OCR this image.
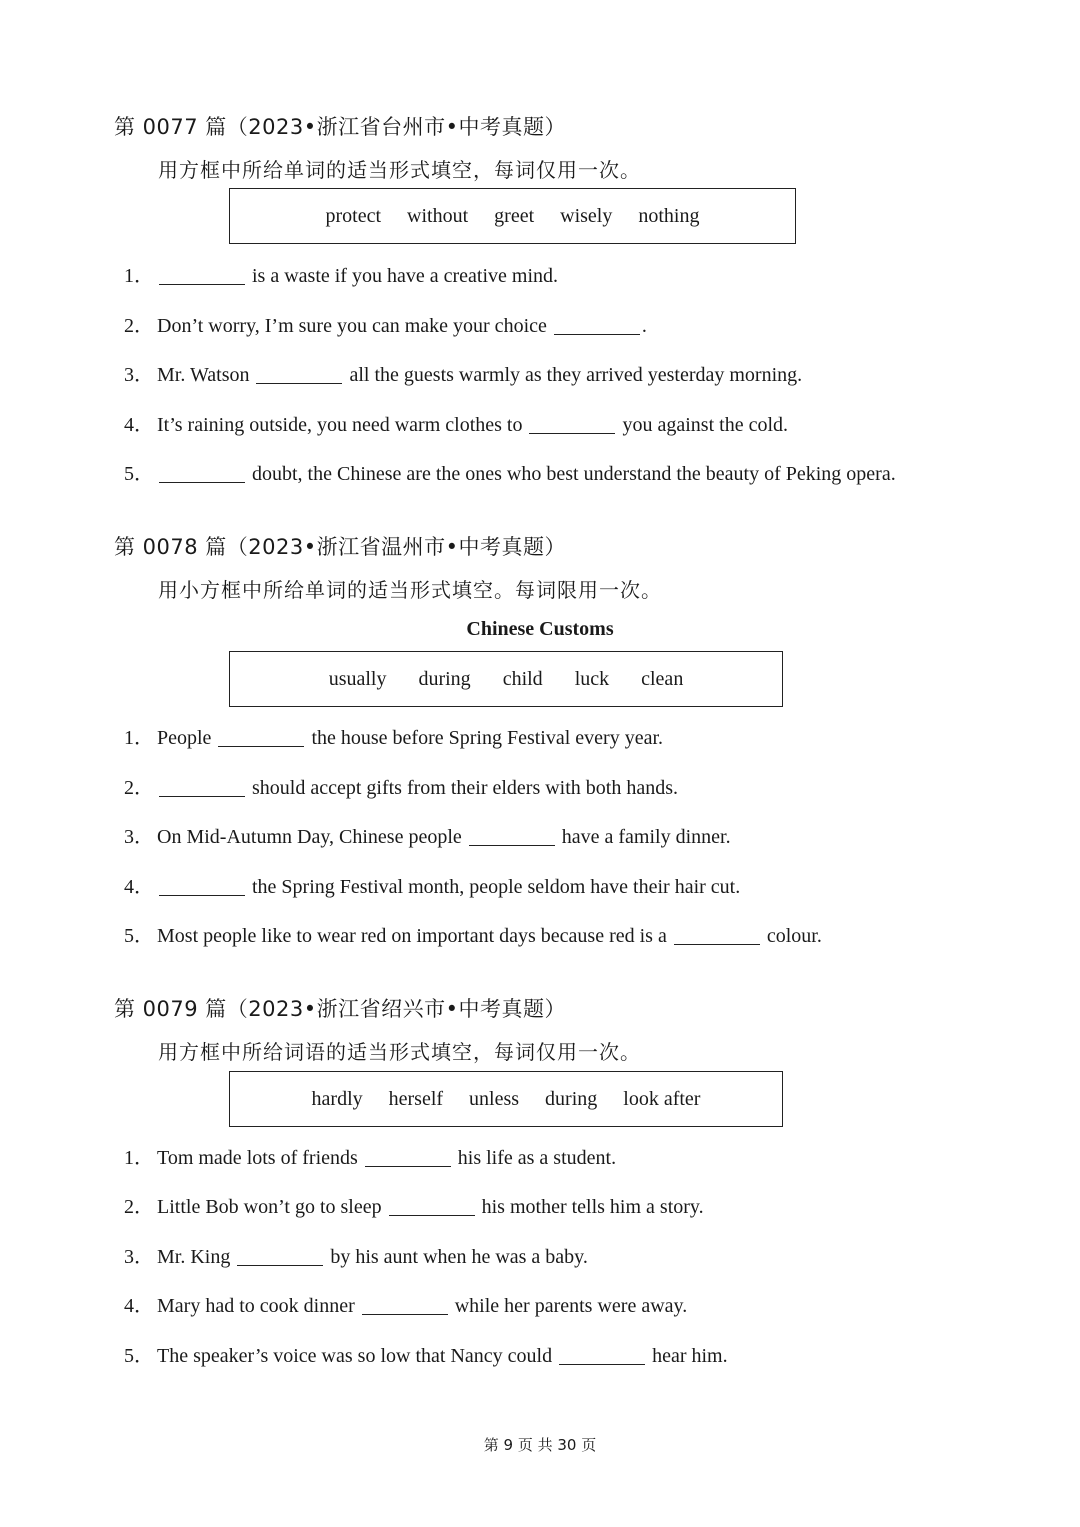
第 0077 篇（2023•浙江省台州市•中考真题）
用方框中所给单词的适当形式填空，每词仅用一次。
protect without greet wisely nothing
1．	is a waste if you have a creative mind.
2． Don’t worry, I’m sure you can make your choice	.
3． Mr. Watson	all the guests warmly as they arrived yesterday morning.
4． It’s raining outside, you need warm clothes to	you against the cold.
5．	doubt, the Chinese are the ones who best understand the beauty of Peking opera.
第 0078 篇（2023•浙江省温州市•中考真题）
用小方框中所给单词的适当形式填空。每词限用一次。
Chinese Customs
usually during child luck clean
1． People	the house before Spring Festival every year.
2．	should accept gifts from their elders with both hands.
3． On Mid-Autumn Day, Chinese people	have a family dinner.
4．	the Spring Festival month, people seldom have their hair cut.
5． Most people like to wear red on important days because red is a	colour.
第 0079 篇（2023•浙江省绍兴市•中考真题）
用方框中所给词语的适当形式填空，每词仅用一次。
hardly herself unless during look after
1． Tom made lots of friends	his life as a student.
2． Little Bob won’t go to sleep	his mother tells him a story.
3． Mr. King	by his aunt when he was a baby.
4． Mary had to cook dinner	while her parents were away.
5． The speaker’s voice was so low that Nancy could	hear him.
第 9 页 共 30 页
